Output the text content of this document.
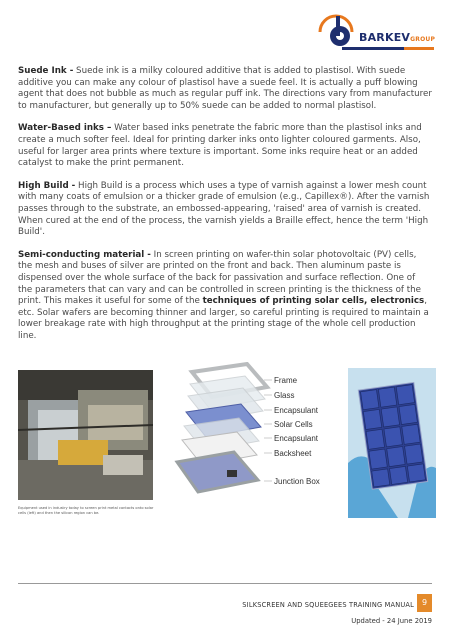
BARKEVGROUP

Suede Ink - Suede ink is a milky coloured additive that is added to plastisol. With suede additive you can make any colour of plastisol have a suede feel. It is actually a puff blowing agent that does not bubble as much as regular puff ink. The directions vary from manufacturer to manufacturer, but generally up to 50% suede can be added to normal plastisol.

Water-Based inks – Water based inks penetrate the fabric more than the plastisol inks and create a much softer feel. Ideal for printing darker inks onto lighter coloured garments. Also, useful for larger area prints where texture is important. Some inks require heat or an added catalyst to make the print permanent.

High Build - High Build is a process which uses a type of varnish against a lower mesh count with many coats of emulsion or a thicker grade of emulsion (e.g., Capillex®). After the varnish passes through to the substrate, an embossed-appearing, 'raised' area of varnish is created. When cured at the end of the process, the varnish yields a Braille effect, hence the term 'High Build'.

Semi-conducting material - In screen printing on wafer-thin solar photovoltaic (PV) cells, the mesh and buses of silver are printed on the front and back. Then aluminum paste is dispensed over the whole surface of the back for passivation and surface reflection. One of the parameters that can vary and can be controlled in screen printing is the thickness of the print. This makes it useful for some of the techniques of printing solar cells, electronics, etc. Solar wafers are becoming thinner and larger, so careful printing is required to maintain a lower breakage rate with high throughput at the printing stage of the whole cell production line.

Equipment used in industry today to screen print metal contacts onto solar cells (left) and then the silicon region can be.
Frame
Glass
Encapsulant
Solar Cells
Encapsulant
Backsheet
Junction Box
SILKSCREEN AND SQUEEGEES TRAINING MANUAL 9
Updated - 24 June 2019
